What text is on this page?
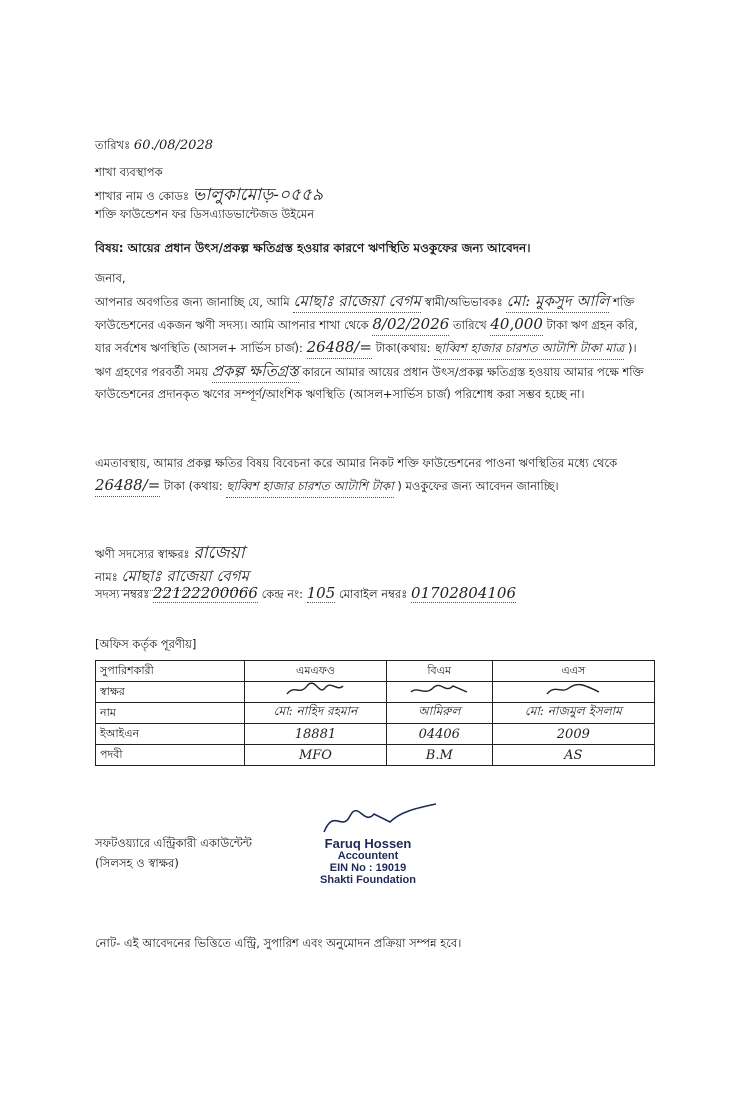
তারিখঃ 60./08/2028
শাখা ব্যবস্থাপক
শাখার নাম ও কোডঃ ভালুকামোড়-০৫৫৯
শক্তি ফাউন্ডেশন ফর ডিসএ্যাডভান্টেজড উইমেন
বিষয়: আয়ের প্রধান উৎস/প্রকল্প ক্ষতিগ্রস্ত হওয়ার কারণে ঋণস্থিতি মওকুফের জন্য আবেদন।
জনাব,
আপনার অবগতির জন্য জানাচ্ছি যে, আমি মোছাঃ রাজেয়া বেগম স্বামী/অভিভাবকঃ মো: মুকসুদ আলি শক্তি ফাউন্ডেশনের একজন ঋণী সদস্য। আমি আপনার শাখা থেকে 8/02/2026 তারিখে 40,000 টাকা ঋণ গ্রহন করি, যার সর্বশেষ ঋণস্থিতি (আসল+ সার্ভিস চার্জ): 26488/= টাকা(কথায়: ছাব্বিশ হাজার চারশত আটাশি টাকা মাত্র )। ঋণ গ্রহণের পরবর্তী সময় প্রকল্প ক্ষতিগ্রস্ত কারনে আমার আয়ের প্রধান উৎস/প্রকল্প ক্ষতিগ্রস্ত হওয়ায় আমার পক্ষে শক্তি ফাউন্ডেশনের প্রদানকৃত ঋণের সম্পূর্ণ/আংশিক ঋণস্থিতি (আসল+সার্ভিস চার্জ) পরিশোধ করা সম্ভব হচ্ছে না।
এমতাবস্থায়, আমার প্রকল্প ক্ষতির বিষয় বিবেচনা করে আমার নিকট শক্তি ফাউন্ডেশনের পাওনা ঋণস্থিতির মধ্যে থেকে 26488/= টাকা (কথায়: ছাব্বিশ হাজার চারশত আটাশি টাকা ) মওকুফের জন্য আবেদন জানাচ্ছি।
ঋণী সদস্যের স্বাক্ষরঃ রাজেয়া
নামঃ মোছাঃ রাজেয়া বেগম
সদস্য নম্বরঃ 22122200066 কেন্দ্র নং: 105 মোবাইল নম্বরঃ 01702804106
[অফিস কর্তৃক পূরণীয়]
সুপারিশকারী	এমএফও	বিএম	এএস
স্বাক্ষর			
নাম	মো: নাহিদ রহমান	আমিরুল	মো: নাজমুল ইসলাম
ইআইএন	18881	04406	2009
পদবী	MFO	B.M	AS
সফটওয়্যারে এন্ট্রিকারী একাউন্টেন্ট
(সিলসহ ও স্বাক্ষর)
Faruq Hossen
Accountent
EIN No : 19019
Shakti Foundation
নোট- এই আবেদনের ভিত্তিতে এন্ট্রি, সুপারিশ এবং অনুমোদন প্রক্রিয়া সম্পন্ন হবে।
